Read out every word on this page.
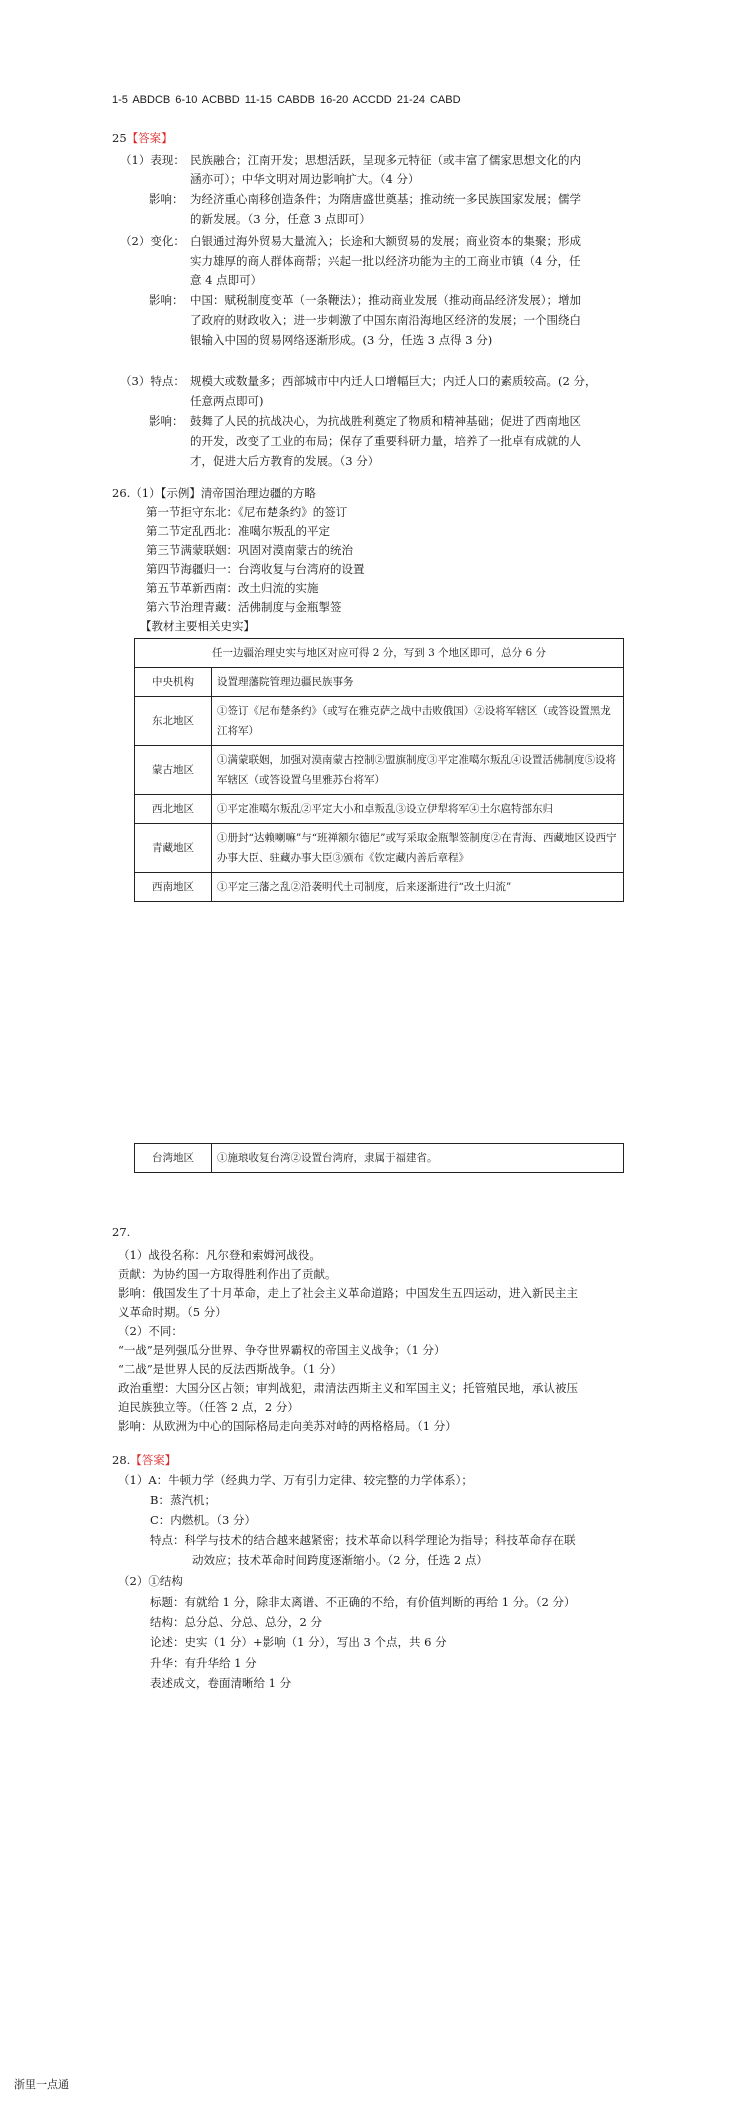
1-5 ABDCB 6-10 ACBBD 11-15 CABDB 16-20 ACCDD 21-24 CABD
25【答案】
（1）表现： 民族融合；江南开发；思想活跃，呈现多元特征（或丰富了儒家思想文化的内
涵亦可）；中华文明对周边影响扩大。（4 分）
影响： 为经济重心南移创造条件；为隋唐盛世奠基；推动统一多民族国家发展；儒学
的新发展。（3 分，任意 3 点即可）
（2）变化： 白银通过海外贸易大量流入；长途和大额贸易的发展；商业资本的集聚；形成
实力雄厚的商人群体商帮；兴起一批以经济功能为主的工商业市镇（4 分，任
意 4 点即可）
影响： 中国：赋税制度变革（一条鞭法）；推动商业发展（推动商品经济发展）；增加
了政府的财政收入；进一步刺激了中国东南沿海地区经济的发展；一个围绕白
银输入中国的贸易网络逐渐形成。(3 分，任选 3 点得 3 分)
（3）特点： 规模大或数量多；西部城市中内迁人口增幅巨大；内迁人口的素质较高。(2 分，
任意两点即可)
影响： 鼓舞了人民的抗战决心，为抗战胜利奠定了物质和精神基础；促进了西南地区
的开发，改变了工业的布局；保存了重要科研力量，培养了一批卓有成就的人
才，促进大后方教育的发展。（3 分）
26.（1）【示例】清帝国治理边疆的方略
第一节拒守东北：《尼布楚条约》的签订
第二节定乱西北：准噶尔叛乱的平定
第三节满蒙联姻：巩固对漠南蒙古的统治
第四节海疆归一：台湾收复与台湾府的设置
第五节革新西南：改土归流的实施
第六节治理青藏：活佛制度与金瓶掣签
【教材主要相关史实】
任一边疆治理史实与地区对应可得 2 分，写到 3 个地区即可，总分 6 分	
中央机构	设置理藩院管理边疆民族事务
东北地区	①签订《尼布楚条约》（或写在雅克萨之战中击败俄国）②设将军辖区（或答设置黑龙江将军）
蒙古地区	①满蒙联姻，加强对漠南蒙古控制②盟旗制度③平定准噶尔叛乱④设置活佛制度⑤设将军辖区（或答设置乌里雅苏台将军）
西北地区	①平定准噶尔叛乱②平定大小和卓叛乱③设立伊犁将军④土尔扈特部东归
青藏地区	①册封“达赖喇嘛”与“班禅额尔德尼”或写采取金瓶掣签制度②在青海、西藏地区设西宁办事大臣、驻藏办事大臣③颁布《钦定藏内善后章程》
西南地区	①平定三藩之乱②沿袭明代土司制度，后来逐渐进行“改土归流”
台湾地区	①施琅收复台湾②设置台湾府，隶属于福建省。
27.
（1）战役名称：凡尔登和索姆河战役。
贡献：为协约国一方取得胜利作出了贡献。
影响：俄国发生了十月革命，走上了社会主义革命道路；中国发生五四运动，进入新民主主
义革命时期。（5 分）
（2）不同：
“一战”是列强瓜分世界、争夺世界霸权的帝国主义战争；（1 分）
“二战”是世界人民的反法西斯战争。（1 分）
政治重塑：大国分区占领；审判战犯，肃清法西斯主义和军国主义；托管殖民地，承认被压
迫民族独立等。（任答 2 点，2 分）
影响：从欧洲为中心的国际格局走向美苏对峙的两格格局。（1 分）
28.【答案】
（1）A：牛顿力学（经典力学、万有引力定律、较完整的力学体系）；
B：蒸汽机；
C：内燃机。（3 分）
特点：科学与技术的结合越来越紧密；技术革命以科学理论为指导；科技革命存在联
动效应；技术革命时间跨度逐渐缩小。（2 分，任选 2 点）
（2）①结构
标题：有就给 1 分，除非太离谱、不正确的不给，有价值判断的再给 1 分。（2 分）
结构：总分总、分总、总分，2 分
论述：史实（1 分）+影响（1 分），写出 3 个点，共 6 分
升华：有升华给 1 分
表述成文，卷面清晰给 1 分
浙里一点通
